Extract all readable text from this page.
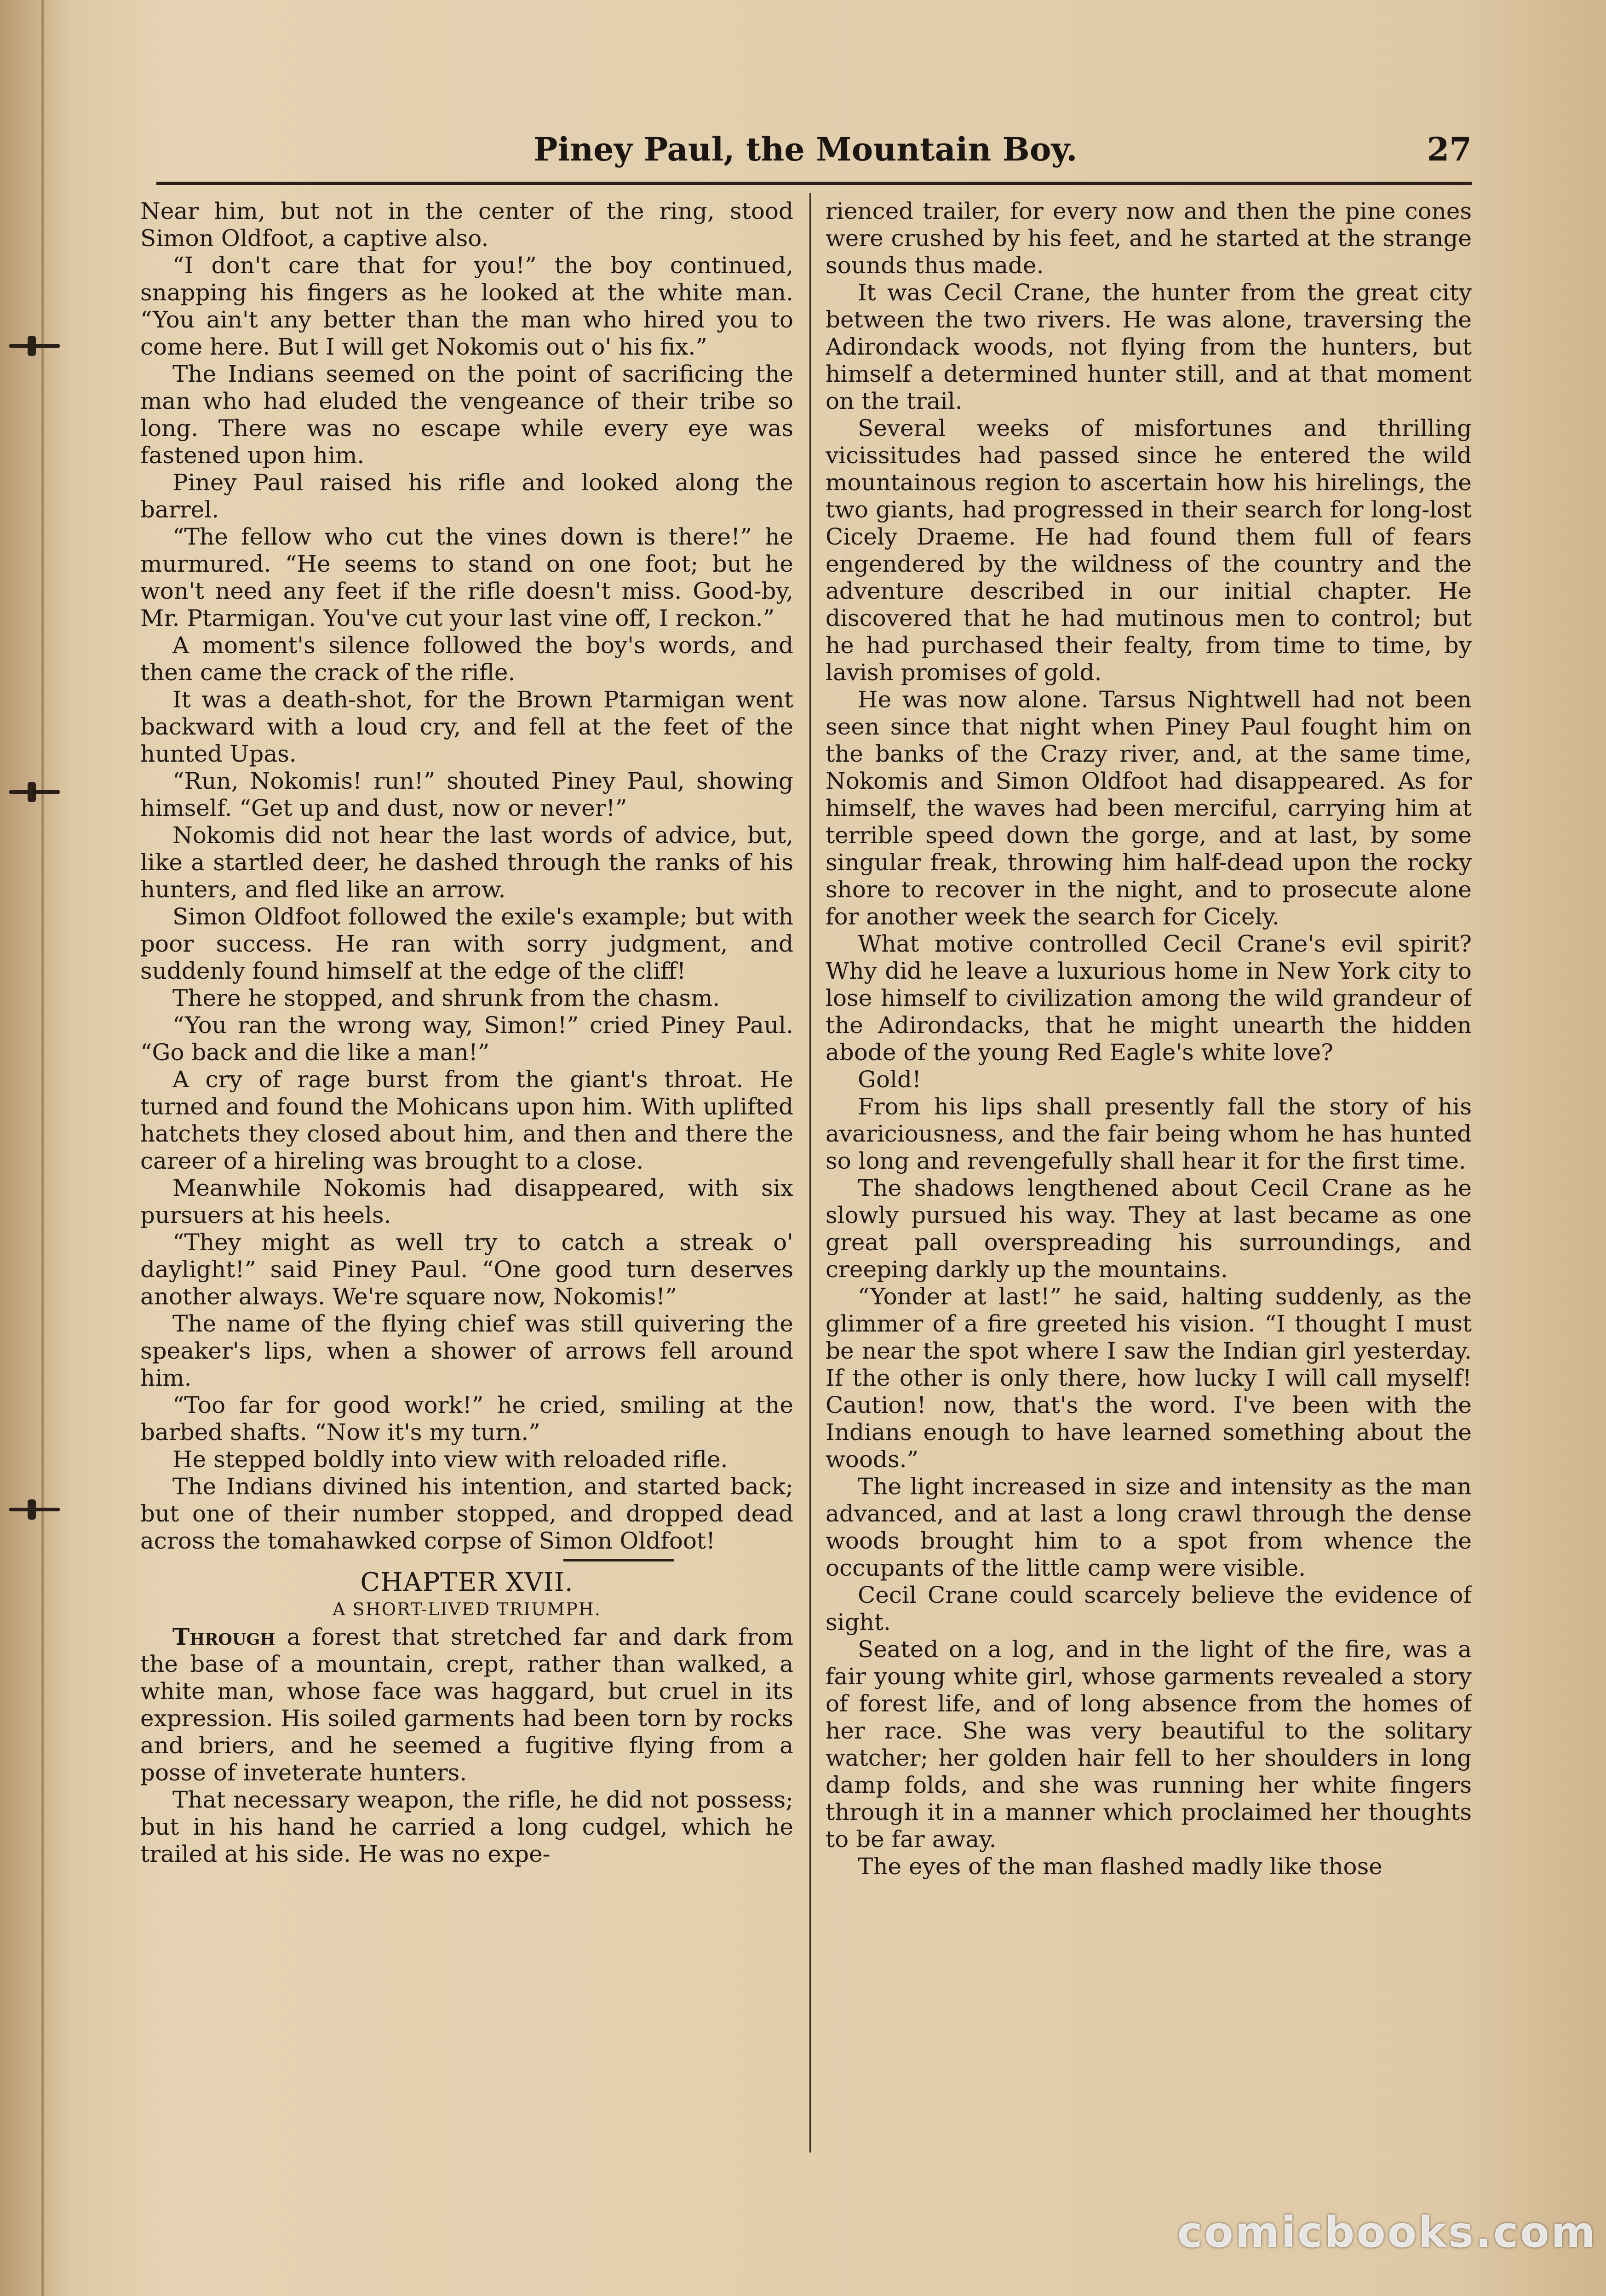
Piney Paul, the Mountain Boy.	27

Near him, but not in the center of the ring, stood Simon Oldfoot, a captive also.

“I don't care that for you!” the boy continued, snapping his fingers as he looked at the white man. “You ain't any better than the man who hired you to come here. But I will get Nokomis out o' his fix.”

The Indians seemed on the point of sacrificing the man who had eluded the vengeance of their tribe so long. There was no escape while every eye was fastened upon him.

Piney Paul raised his rifle and looked along the barrel.

“The fellow who cut the vines down is there!” he murmured. “He seems to stand on one foot; but he won't need any feet if the rifle doesn't miss. Good-by, Mr. Ptarmigan. You've cut your last vine off, I reckon.”

A moment's silence followed the boy's words, and then came the crack of the rifle.

It was a death-shot, for the Brown Ptarmigan went backward with a loud cry, and fell at the feet of the hunted Upas.

“Run, Nokomis! run!” shouted Piney Paul, showing himself. “Get up and dust, now or never!”

Nokomis did not hear the last words of advice, but, like a startled deer, he dashed through the ranks of his hunters, and fled like an arrow.

Simon Oldfoot followed the exile's example; but with poor success. He ran with sorry judgment, and suddenly found himself at the edge of the cliff!

There he stopped, and shrunk from the chasm.

“You ran the wrong way, Simon!” cried Piney Paul. “Go back and die like a man!”

A cry of rage burst from the giant's throat. He turned and found the Mohicans upon him. With uplifted hatchets they closed about him, and then and there the career of a hireling was brought to a close.

Meanwhile Nokomis had disappeared, with six pursuers at his heels.

“They might as well try to catch a streak o' daylight!” said Piney Paul. “One good turn deserves another always. We're square now, Nokomis!”

The name of the flying chief was still quivering the speaker's lips, when a shower of arrows fell around him.

“Too far for good work!” he cried, smiling at the barbed shafts. “Now it's my turn.”

He stepped boldly into view with reloaded rifle.

The Indians divined his intention, and started back; but one of their number stopped, and dropped dead across the tomahawked corpse of Simon Oldfoot!

CHAPTER XVII.
A SHORT-LIVED TRIUMPH.

Through a forest that stretched far and dark from the base of a mountain, crept, rather than walked, a white man, whose face was haggard, but cruel in its expression. His soiled garments had been torn by rocks and briers, and he seemed a fugitive flying from a posse of inveterate hunters.

That necessary weapon, the rifle, he did not possess; but in his hand he carried a long cudgel, which he trailed at his side. He was no expe-

rienced trailer, for every now and then the pine cones were crushed by his feet, and he started at the strange sounds thus made.

It was Cecil Crane, the hunter from the great city between the two rivers. He was alone, traversing the Adirondack woods, not flying from the hunters, but himself a determined hunter still, and at that moment on the trail.

Several weeks of misfortunes and thrilling vicissitudes had passed since he entered the wild mountainous region to ascertain how his hirelings, the two giants, had progressed in their search for long-lost Cicely Draeme. He had found them full of fears engendered by the wildness of the country and the adventure described in our initial chapter. He discovered that he had mutinous men to control; but he had purchased their fealty, from time to time, by lavish promises of gold.

He was now alone. Tarsus Nightwell had not been seen since that night when Piney Paul fought him on the banks of the Crazy river, and, at the same time, Nokomis and Simon Oldfoot had disappeared. As for himself, the waves had been merciful, carrying him at terrible speed down the gorge, and at last, by some singular freak, throwing him half-dead upon the rocky shore to recover in the night, and to prosecute alone for another week the search for Cicely.

What motive controlled Cecil Crane's evil spirit? Why did he leave a luxurious home in New York city to lose himself to civilization among the wild grandeur of the Adirondacks, that he might unearth the hidden abode of the young Red Eagle's white love?

Gold!

From his lips shall presently fall the story of his avariciousness, and the fair being whom he has hunted so long and revengefully shall hear it for the first time.

The shadows lengthened about Cecil Crane as he slowly pursued his way. They at last became as one great pall overspreading his surroundings, and creeping darkly up the mountains.

“Yonder at last!” he said, halting suddenly, as the glimmer of a fire greeted his vision. “I thought I must be near the spot where I saw the Indian girl yesterday. If the other is only there, how lucky I will call myself! Caution! now, that's the word. I've been with the Indians enough to have learned something about the woods.”

The light increased in size and intensity as the man advanced, and at last a long crawl through the dense woods brought him to a spot from whence the occupants of the little camp were visible.

Cecil Crane could scarcely believe the evidence of sight.

Seated on a log, and in the light of the fire, was a fair young white girl, whose garments revealed a story of forest life, and of long absence from the homes of her race. She was very beautiful to the solitary watcher; her golden hair fell to her shoulders in long damp folds, and she was running her white fingers through it in a manner which proclaimed her thoughts to be far away.

The eyes of the man flashed madly like those

comicbooks.com
